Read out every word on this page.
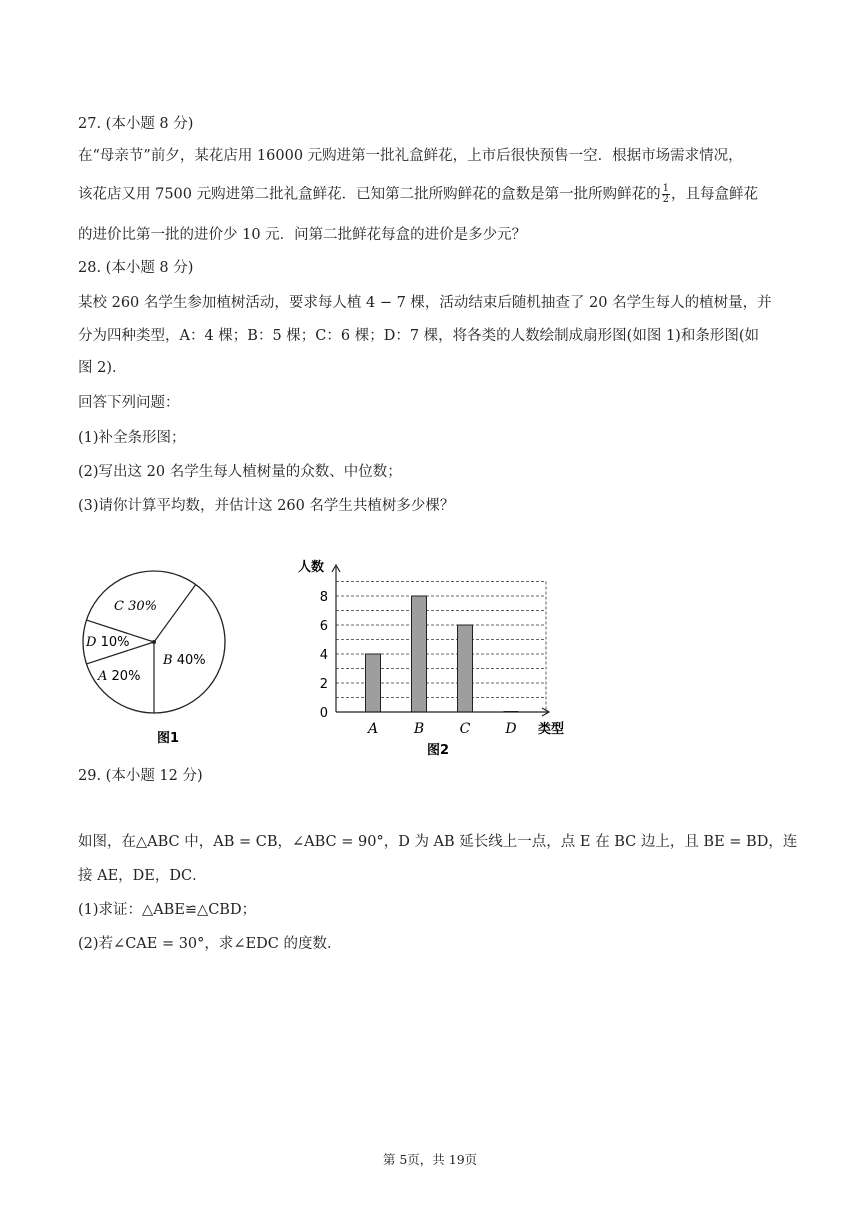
27. (本小题 8 分)
在“母亲节”前夕，某花店用 16000 元购进第一批礼盒鲜花，上市后很快预售一空．根据市场需求情况，
该花店又用 7500 元购进第二批礼盒鲜花．已知第二批所购鲜花的盒数是第一批所购鲜花的 $\frac{1}{2}$ ，且每盒鲜花
的进价比第一批的进价少 10 元．问第二批鲜花每盒的进价是多少元？
28. (本小题 8 分)
某校 260 名学生参加植树活动，要求每人植 4 − 7 棵，活动结束后随机抽查了 20 名学生每人的植树量，并
分为四种类型，A：4 棵；B：5 棵；C：6 棵；D：7 棵，将各类的人数绘制成扇形图(如图 1)和条形图(如
图 2)．
回答下列问题：
(1)补全条形图；
(2)写出这 20 名学生每人植树量的众数、中位数；
(3)请你计算平均数，并估计这 260 名学生共植树多少棵？
C 30%
D 10%
A 20%
B 40%
图1
0
2
4
6
8
A	B	C	D
人数
类型
图2
29. (本小题 12 分)
如图，在△ABC 中，AB = CB，∠ABC = 90°，D 为 AB 延长线上一点，点 E 在 BC 边上，且 BE = BD，连
接 AE，DE，DC．
(1)求证：△ABE≌△CBD；
(2)若∠CAE = 30°，求∠EDC 的度数．
第 5页，共 19页
